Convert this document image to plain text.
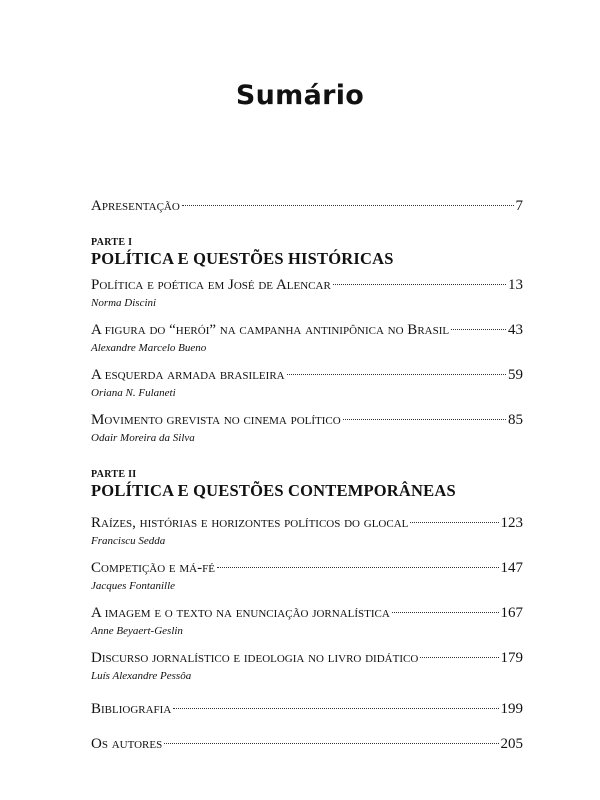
Sumário
Apresentação	7
PARTE I
POLÍTICA E QUESTÕES HISTÓRICAS
Política e poética em José de Alencar	13
Norma Discini
A figura do “herói” na campanha antinipônica no Brasil	43
Alexandre Marcelo Bueno
A esquerda armada brasileira	59
Oriana N. Fulaneti
Movimento grevista no cinema político	85
Odair Moreira da Silva
PARTE II
POLÍTICA E QUESTÕES CONTEMPORÂNEAS
Raízes, histórias e horizontes políticos do glocal	123
Franciscu Sedda
Competição e má-fé	147
Jacques Fontanille
A imagem e o texto na enunciação jornalística	167
Anne Beyaert-Geslin
Discurso jornalístico e ideologia no livro didático	179
Luís Alexandre Pessôa
Bibliografia	199
Os autores	205
